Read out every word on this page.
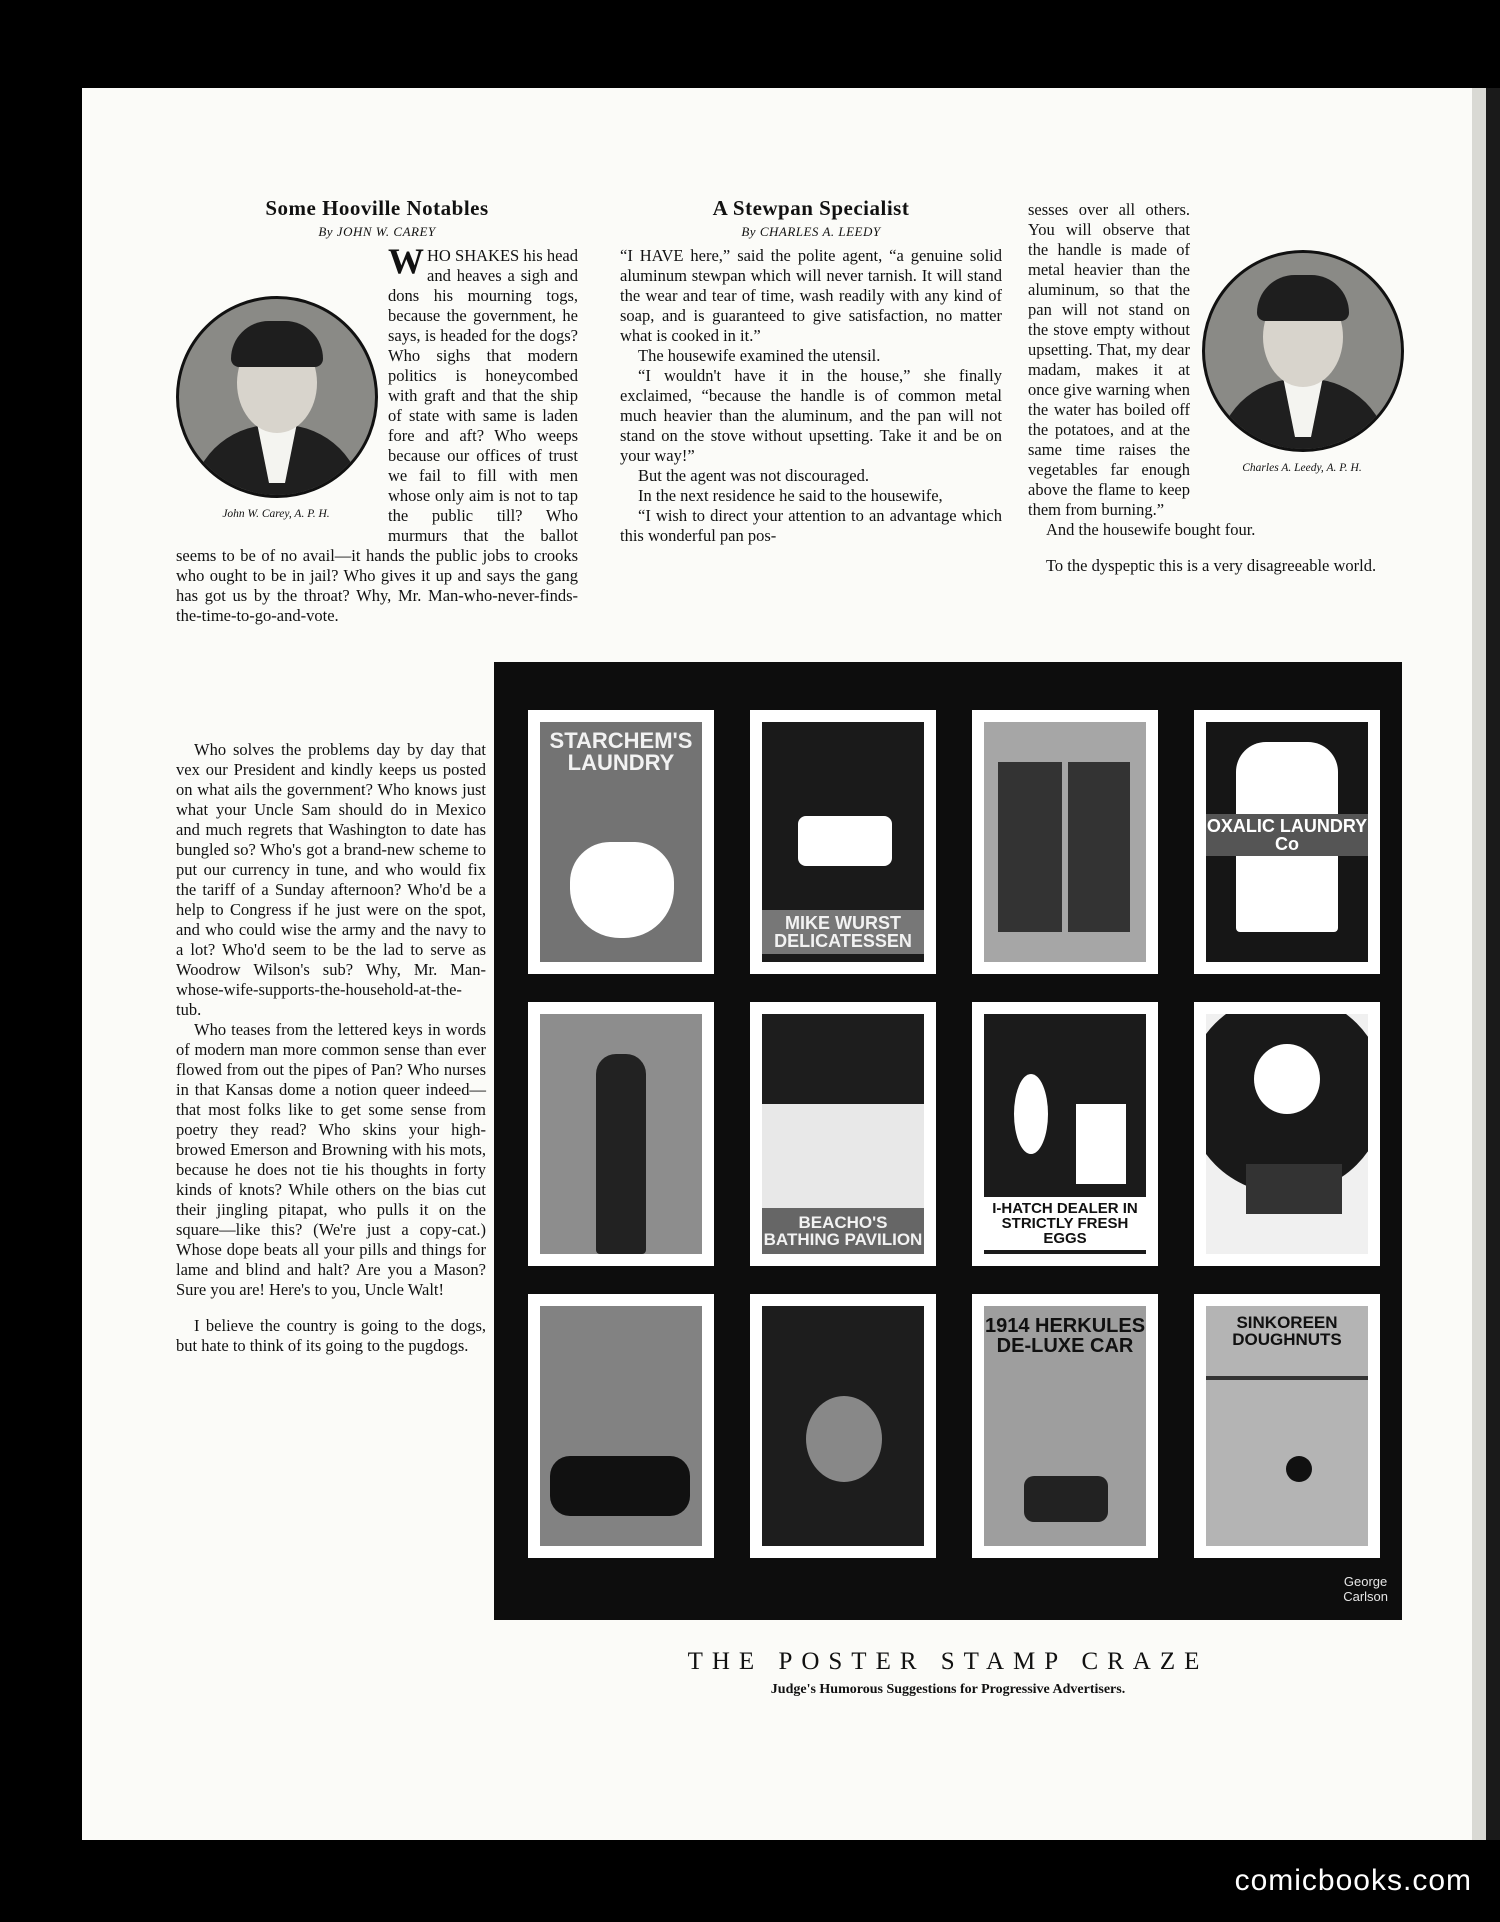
Some Hooville Notables
By JOHN W. CAREY
John W. Carey, A. P. H.

WHO SHAKES his head and heaves a sigh and dons his mourning togs, because the government, he says, is headed for the dogs? Who sighs that modern politics is honeycombed with graft and that the ship of state with same is laden fore and aft? Who weeps because our offices of trust we fail to fill with men whose only aim is not to tap the public till? Who murmurs that the ballot seems to be of no avail—it hands the public jobs to crooks who ought to be in jail? Who gives it up and says the gang has got us by the throat? Why, Mr. Man-who-never-finds-the-time-to-go-and-vote.

Who solves the problems day by day that vex our President and kindly keeps us posted on what ails the government? Who knows just what your Uncle Sam should do in Mexico and much regrets that Washington to date has bungled so? Who's got a brand-new scheme to put our currency in tune, and who would fix the tariff of a Sunday afternoon? Who'd be a help to Congress if he just were on the spot, and who could wise the army and the navy to a lot? Who'd seem to be the lad to serve as Woodrow Wilson's sub? Why, Mr. Man-whose-wife-supports-the-household-at-the-tub.

Who teases from the lettered keys in words of modern man more common sense than ever flowed from out the pipes of Pan? Who nurses in that Kansas dome a notion queer indeed—that most folks like to get some sense from poetry they read? Who skins your high-browed Emerson and Browning with his mots, because he does not tie his thoughts in forty kinds of knots? While others on the bias cut their jingling pitapat, who pulls it on the square—like this? (We're just a copy-cat.) Whose dope beats all your pills and things for lame and blind and halt? Are you a Mason? Sure you are! Here's to you, Uncle Walt!

I believe the country is going to the dogs, but hate to think of its going to the pugdogs.

A Stewpan Specialist
By CHARLES A. LEEDY

“I HAVE here,” said the polite agent, “a genuine solid aluminum stewpan which will never tarnish. It will stand the wear and tear of time, wash readily with any kind of soap, and is guaranteed to give satisfaction, no matter what is cooked in it.”

The housewife examined the utensil.

“I wouldn't have it in the house,” she finally exclaimed, “because the handle is of common metal much heavier than the aluminum, and the pan will not stand on the stove without upsetting. Take it and be on your way!”

But the agent was not discouraged.

In the next residence he said to the housewife,

“I wish to direct your attention to an advantage which this wonderful pan pos-

Charles A. Leedy, A. P. H.

sesses over all others. You will observe that the handle is made of metal heavier than the aluminum, so that the pan will not stand on the stove empty without upsetting. That, my dear madam, makes it at once give warning when the water has boiled off the potatoes, and at the same time raises the vegetables far enough above the flame to keep them from burning.”

And the housewife bought four.

To the dyspeptic this is a very disagreeable world.

STARCHEM'S LAUNDRY
MIKE WURST DELICATESSEN
OXALIC LAUNDRY Co
BEACHO'S BATHING PAVILION
I-HATCH DEALER IN STRICTLY FRESH EGGS
1914 HERKULES DE-LUXE CAR
SINKOREEN DOUGHNUTS
George
Carlson
THE POSTER STAMP CRAZE
Judge's Humorous Suggestions for Progressive Advertisers.
comicbooks.com
